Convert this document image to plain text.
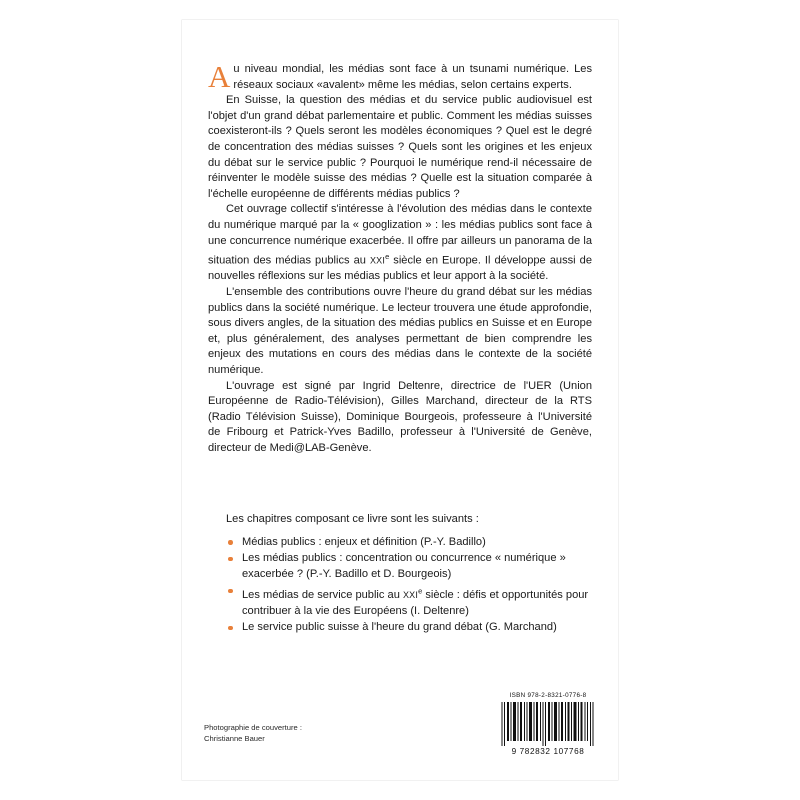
Au niveau mondial, les médias sont face à un tsunami numérique. Les réseaux sociaux «avalent» même les médias, selon certains experts.

En Suisse, la question des médias et du service public audiovisuel est l'objet d'un grand débat parlementaire et public. Comment les médias suisses coexisteront-ils ? Quels seront les modèles économiques ? Quel est le degré de concentration des médias suisses ? Quels sont les origines et les enjeux du débat sur le service public ? Pourquoi le numérique rend-il nécessaire de réinventer le modèle suisse des médias ? Quelle est la situation comparée à l'échelle européenne de différents médias publics ?

Cet ouvrage collectif s'intéresse à l'évolution des médias dans le contexte du numérique marqué par la « googlization » : les médias publics sont face à une concurrence numérique exacerbée. Il offre par ailleurs un panorama de la situation des médias publics au XXIe siècle en Europe. Il développe aussi de nouvelles réflexions sur les médias publics et leur apport à la société.

L'ensemble des contributions ouvre l'heure du grand débat sur les médias publics dans la société numérique. Le lecteur trouvera une étude approfondie, sous divers angles, de la situation des médias publics en Suisse et en Europe et, plus généralement, des analyses permettant de bien comprendre les enjeux des mutations en cours des médias dans le contexte de la société numérique.

L'ouvrage est signé par Ingrid Deltenre, directrice de l'UER (Union Européenne de Radio-Télévision), Gilles Marchand, directeur de la RTS (Radio Télévision Suisse), Dominique Bourgeois, professeure à l'Université de Fribourg et Patrick-Yves Badillo, professeur à l'Université de Genève, directeur de Medi@LAB-Genève.

Les chapitres composant ce livre sont les suivants :

Médias publics : enjeux et définition (P.-Y. Badillo)
Les médias publics : concentration ou concurrence « numérique » exacerbée ? (P.-Y. Badillo et D. Bourgeois)
Les médias de service public au XXIe siècle : défis et opportunités pour contribuer à la vie des Européens (I. Deltenre)
Le service public suisse à l'heure du grand débat (G. Marchand)
ISBN 978-2-8321-0776-8
9 782832 107768
Photographie de couverture :
Christianne Bauer
